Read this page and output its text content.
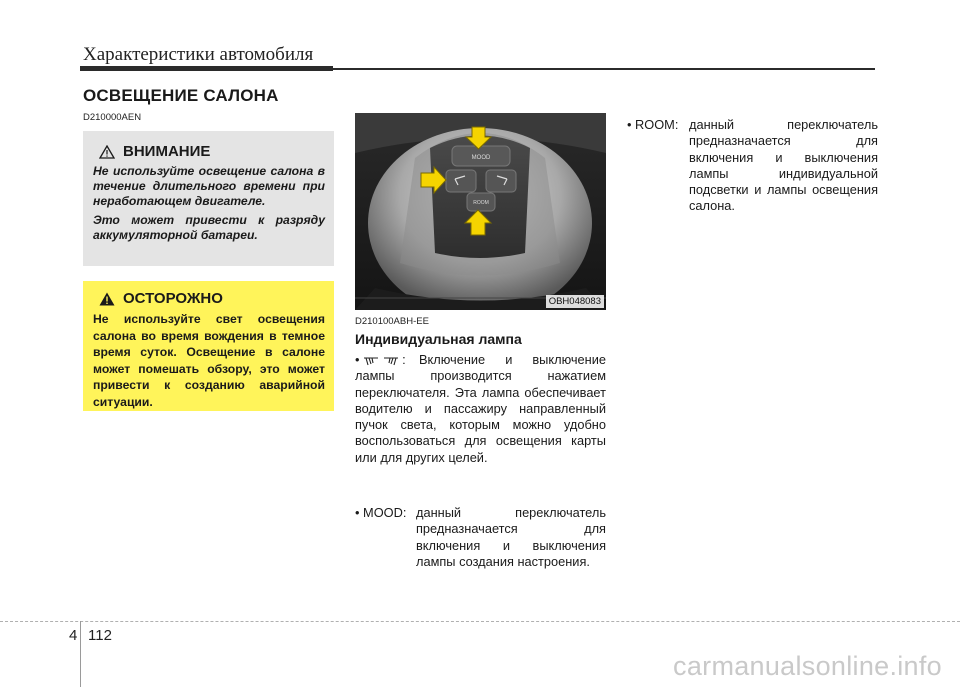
Характеристики автомобиля
ОСВЕЩЕНИЕ САЛОНА
D210000AEN
ВНИМАНИЕ

Не используйте освещение салона в течение длительного времени при неработающем двигателе.

Это может привести к разряду аккумуляторной батареи.

ОСТОРОЖНО

Не используйте свет освещения салона во время вождения в темное время суток. Освещение в салоне может помешать обзору, это может привести к созданию аварийной ситуации.

MOOD
ROOM
OBH048083
D210100ABH-EE
Индивидуальная лампа
•	:	Включение и выключение лампы производится нажатием переключателя. Эта лампа обеспечивает водителю и пассажиру направленный пучок света, которым можно удобно воспользоваться для освещения карты или для других целей.
• MOOD: данный переключатель предназначается для включения и выключения лампы создания настроения.
• ROOM: данный переключатель предназначается для включения и выключения лампы индивидуальной подсветки и лампы освещения салона.
4 112
carmanualsonline.info
